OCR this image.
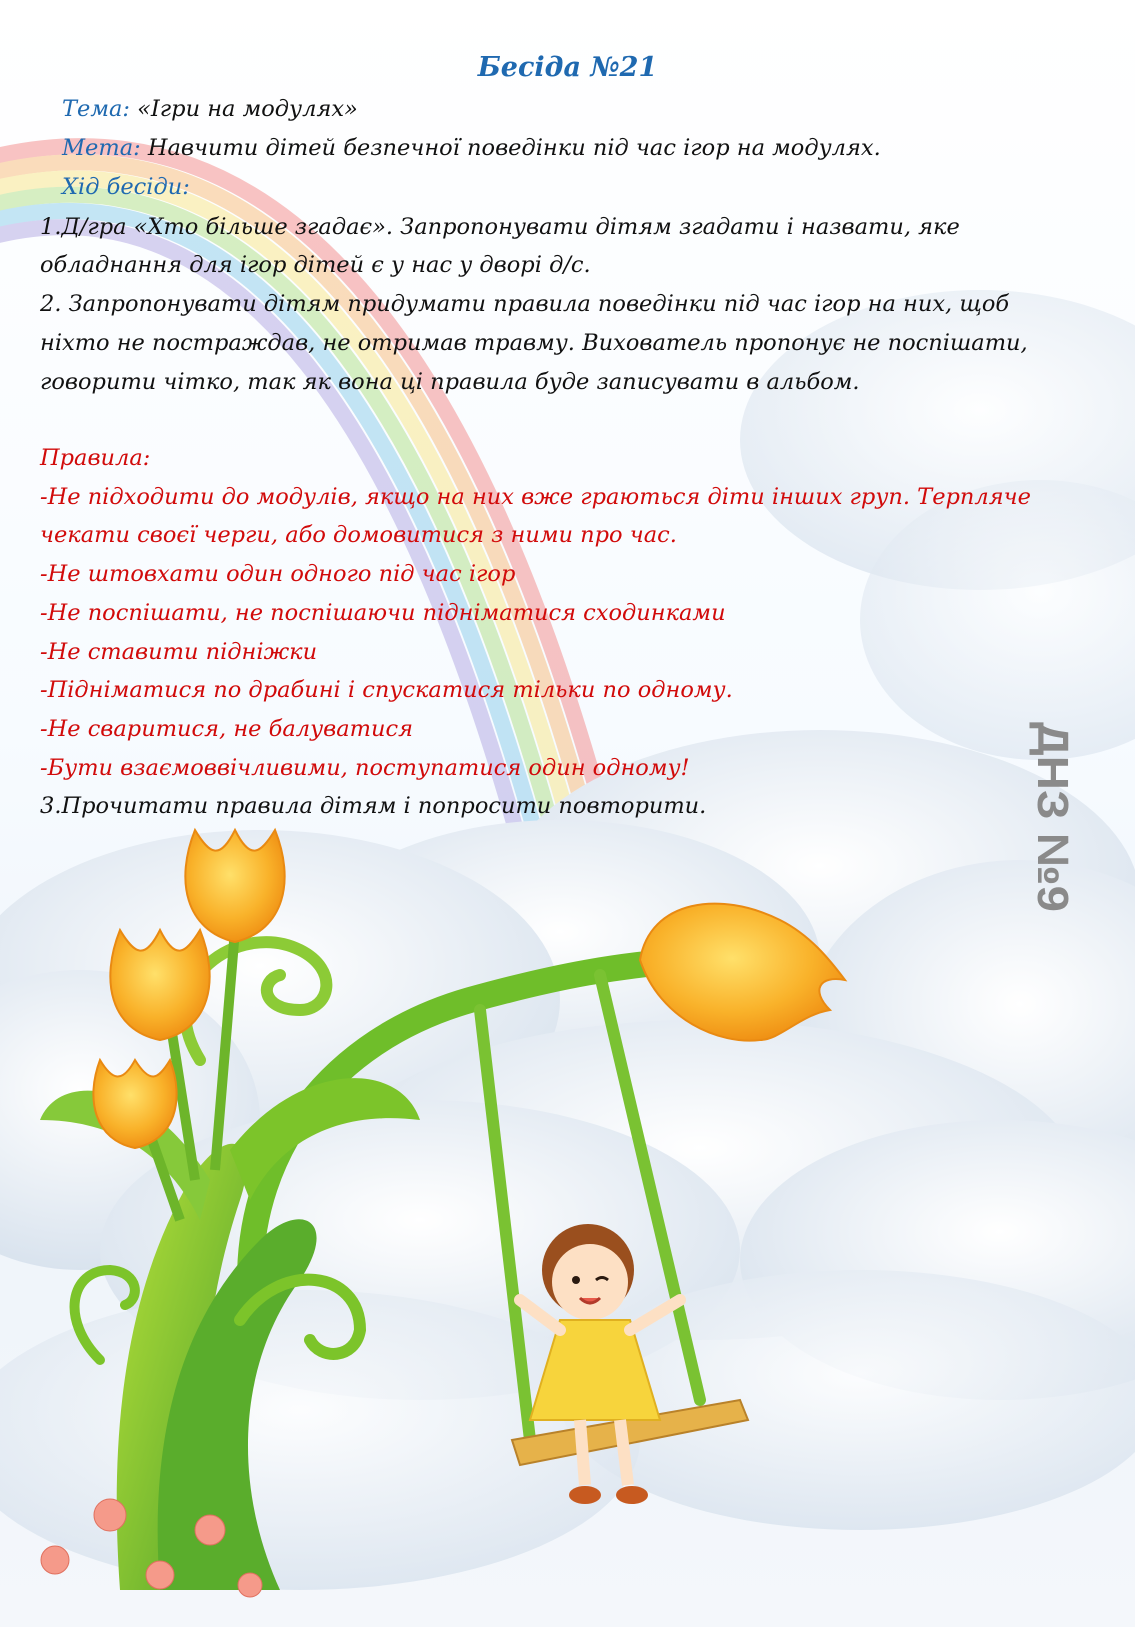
Бесіда №21
Тема: «Ігри на модулях»
Мета: Навчити дітей безпечної поведінки під час ігор на модулях.
Хід бесіди:
1.Д/гра «Хто більше згадає». Запропонувати дітям згадати і назвати, яке
обладнання для ігор дітей є у нас у дворі д/с.
2. Запропонувати дітям придумати правила поведінки під час ігор на них, щоб
ніхто не постраждав, не отримав травму. Вихователь пропонує не поспішати,
говорити чітко, так як вона ці правила буде записувати в альбом.
Правила:
-Не підходити до модулів, якщо на них вже граються діти інших груп. Терпляче
чекати своєї черги, або домовитися з ними про час.
-Не штовхати один одного під час ігор
-Не поспішати, не поспішаючи підніматися сходинками
-Не ставити підніжки
-Підніматися по драбині і спускатися тільки по одному.
-Не сваритися, не балуватися
-Бути взаємоввічливими, поступатися один одному!
3.Прочитати правила дітям і попросити повторити.	ДНЗ №9
